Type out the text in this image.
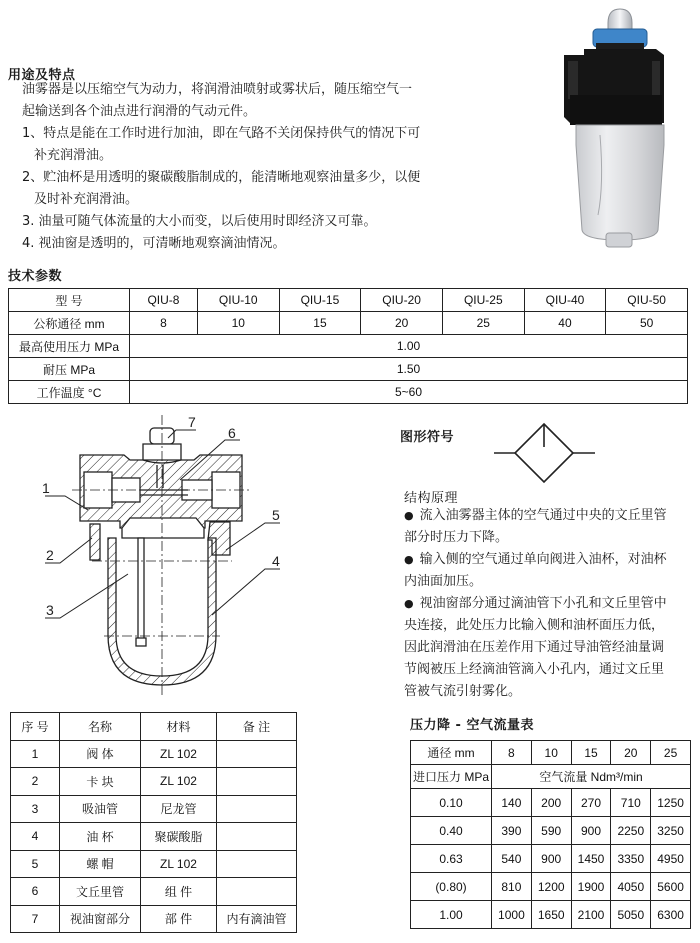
用途及特点
油雾器是以压缩空气为动力，将润滑油喷射或雾状后，随压缩空气一
起输送到各个油点进行润滑的气动元件。
1、特点是能在工作时进行加油，即在气路不关闭保持供气的情况下可
补充润滑油。
2、贮油杯是用透明的聚碳酸脂制成的，能清晰地观察油量多少，以便
及时补充润滑油。
3. 油量可随气体流量的大小而变，以后使用时即经济又可靠。
4. 视油窗是透明的，可清晰地观察滴油情况。
技术参数
型 号	QIU-8	QIU-10	QIU-15	QIU-20	QIU-25	QIU-40	QIU-50
公称通径 mm	8	10	15	20	25	40	50
最高使用压力 MPa	1.00						
耐压 MPa	1.50						
工作温度 °C	5~60						
1
2
3
4
5
6
7
图形符号
结构原理
● 流入油雾器主体的空气通过中央的文丘里管
部分时压力下降。
● 输入侧的空气通过单向阀进入油杯，对油杯
内油面加压。
● 视油窗部分通过滴油管下小孔和文丘里管中
央连接，此处压力比输入侧和油杯面压力低，
因此润滑油在压差作用下通过导油管经油量调
节阀被压上经滴油管滴入小孔内，通过文丘里
管被气流引射雾化。
序 号	名称	材料	备 注
1	阀 体	ZL 102	
2	卡 块	ZL 102	
3	吸油管	尼龙管	
4	油 杯	聚碳酸脂	
5	螺 帽	ZL 102	
6	文丘里管	组 件	
7	视油窗部分	部 件	内有滴油管
压力降 - 空气流量表
通径 mm	8	10	15	20	25
进口压力 MPa	空气流量 Ndm³/min				
0.10	140	200	270	710	1250
0.40	390	590	900	2250	3250
0.63	540	900	1450	3350	4950
(0.80)	810	1200	1900	4050	5600
1.00	1000	1650	2100	5050	6300
